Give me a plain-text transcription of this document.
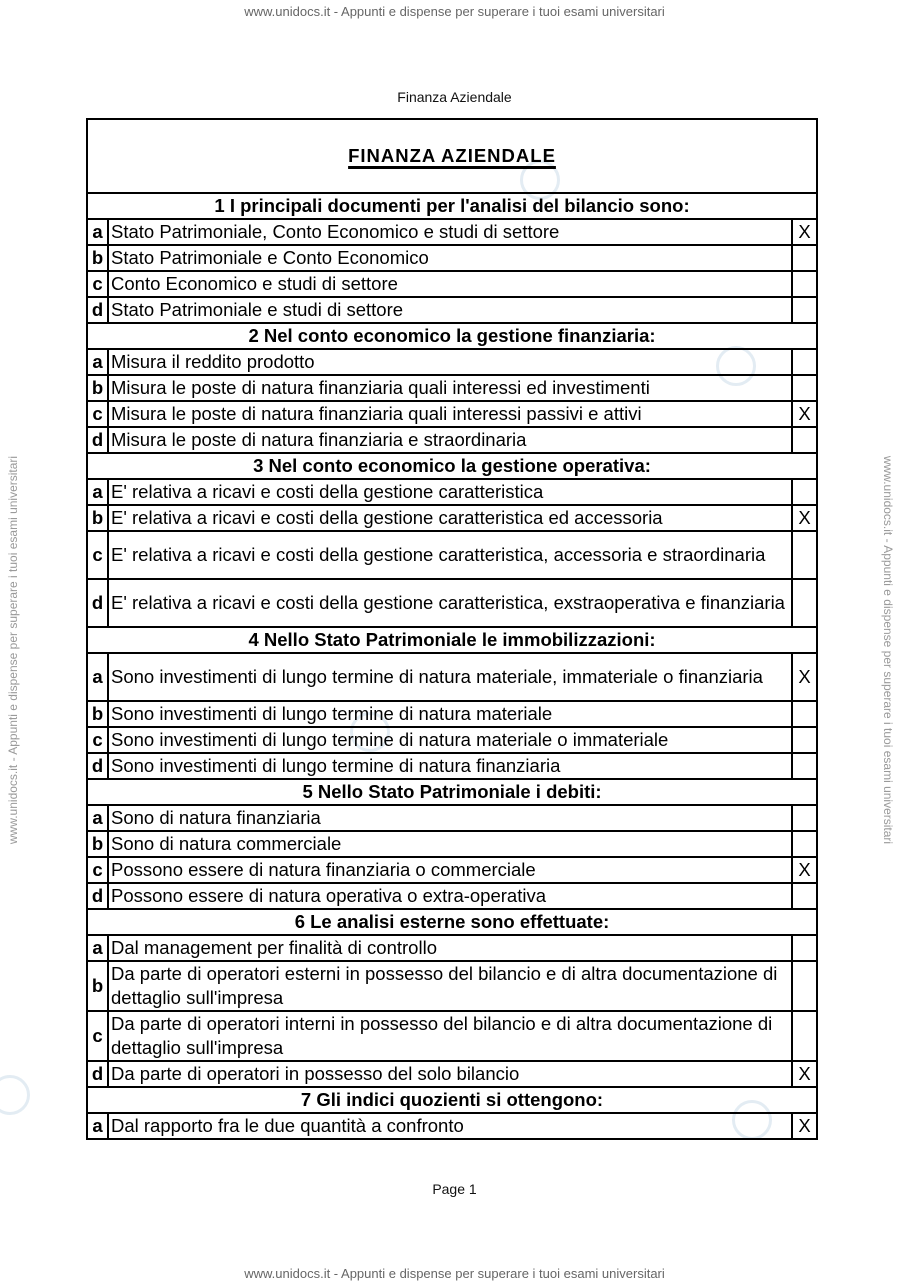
www.unidocs.it - Appunti e dispense per superare i tuoi esami universitari
www.unidocs.it - Appunti e dispense per superare i tuoi esami universitari
www.unidocs.it - Appunti e dispense per superare i tuoi esami universitari	www.unidocs.it - Appunti e dispense per superare i tuoi esami universitari
Finanza Aziendale
FINANZA AZIENDALE		
1 I principali documenti per l'analisi del bilancio sono:		
a	Stato Patrimoniale, Conto Economico e studi di settore	X
b	Stato Patrimoniale e Conto Economico	
c	Conto Economico e studi di settore	
d	Stato Patrimoniale e studi di settore	
2 Nel conto economico la gestione finanziaria:		
a	Misura il reddito prodotto	
b	Misura le poste di natura finanziaria quali interessi ed investimenti	
c	Misura le poste di natura finanziaria quali interessi passivi e attivi	X
d	Misura le poste di natura finanziaria e straordinaria	
3 Nel conto economico la gestione operativa:		
a	E' relativa a ricavi e costi della gestione caratteristica	
b	E' relativa a ricavi e costi della gestione caratteristica ed accessoria	X
c	E' relativa a ricavi e costi della gestione caratteristica, accessoria e straordinaria	
d	E' relativa a ricavi e costi della gestione caratteristica, exstraoperativa e finanziaria	
4 Nello Stato Patrimoniale le immobilizzazioni:		
a	Sono investimenti di lungo termine di natura materiale, immateriale o finanziaria	X
b	Sono investimenti di lungo termine di natura materiale	
c	Sono investimenti di lungo termine di natura materiale o immateriale	
d	Sono investimenti di lungo termine di natura finanziaria	
5 Nello Stato Patrimoniale i debiti:		
a	Sono di natura finanziaria	
b	Sono di natura commerciale	
c	Possono essere di natura finanziaria o commerciale	X
d	Possono essere di natura operativa o extra-operativa	
6 Le analisi esterne sono effettuate:		
a	Dal management per finalità di controllo	
b	Da parte di operatori esterni in possesso del bilancio e di altra documentazione di dettaglio sull'impresa	
c	Da parte di operatori interni in possesso del bilancio e di altra documentazione di dettaglio sull'impresa	
d	Da parte di operatori in possesso del solo bilancio	X
7 Gli indici quozienti si ottengono:		
a	Dal rapporto fra le due quantità a confronto	X
Page 1
